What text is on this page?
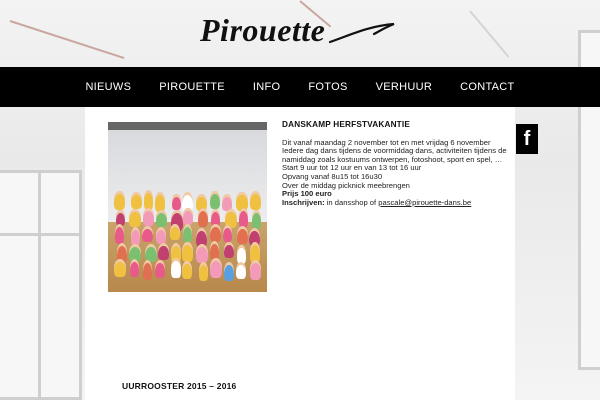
Pirouette
NIEUWS	PIROUETTE	INFO	FOTOS	VERHUUR	CONTACT
DANSKAMP HERFSTVAKANTIE

Dit vanaf maandag 2 november tot en met vrijdag 6 november

Iedere dag dans tijdens de voormiddag dans, activiteiten tijdens de namiddag zoals kostuums ontwerpen, fotoshoot, sport en spel, …

Start 9 uur tot 12 uur en van 13 tot 16 uur

Opvang vanaf 8u15 tot 16u30

Over de middag picknick meebrengen

Prijs 100 euro

Inschrijven: in dansshop of pascale@pirouette-dans.be

UURROOSTER 2015 – 2016
f
